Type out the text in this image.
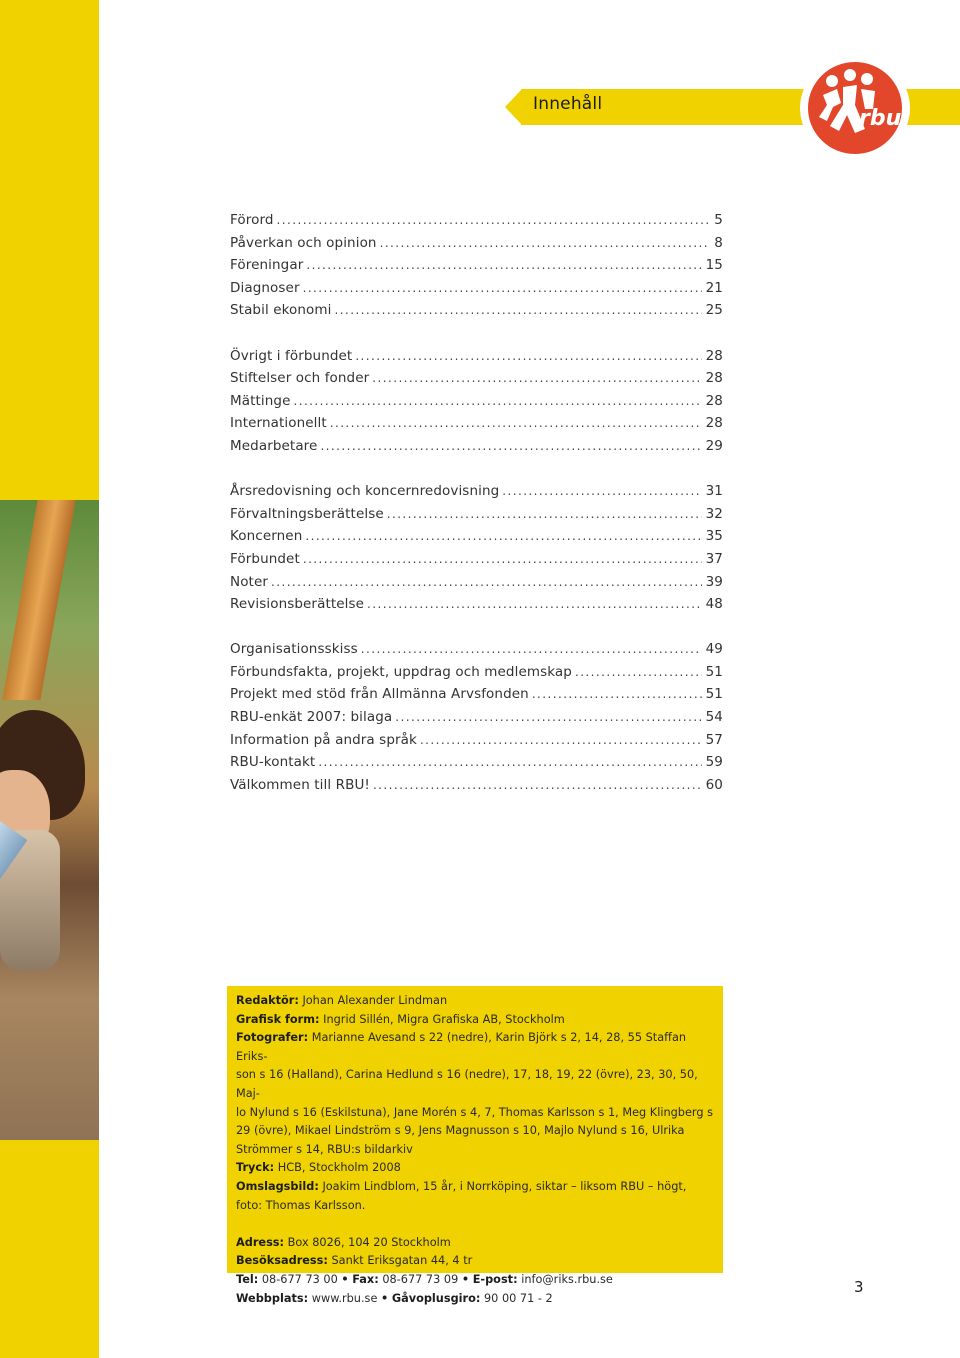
Innehåll
rbu
Förord . . .	5
Påverkan och opinion . . .	8
Föreningar . . .	15
Diagnoser . . .	21
Stabil ekonomi . . .	25
Övrigt i förbundet . . .	28
Stiftelser och fonder . . .	28
Mättinge . . .	28
Internationellt . . .	28
Medarbetare . . .	29
Årsredovisning och koncernredovisning . . .	31
Förvaltningsberättelse . . .	32
Koncernen . . .	35
Förbundet . . .	37
Noter . . .	39
Revisionsberättelse . . .	48
Organisationsskiss . . .	49
Förbundsfakta, projekt, uppdrag och medlemskap . . .	51
Projekt med stöd från Allmänna Arvsfonden . . .	51
RBU-enkät 2007: bilaga . . .	54
Information på andra språk . . .	57
RBU-kontakt . . .	59
Välkommen till RBU! . . .	60

Redaktör: Johan Alexander Lindman

Grafisk form: Ingrid Sillén, Migra Grafiska AB, Stockholm

Fotografer: Marianne Avesand s 22 (nedre), Karin Björk s 2, 14, 28, 55 Staffan Eriks-

son s 16 (Halland), Carina Hedlund s 16 (nedre), 17, 18, 19, 22 (övre), 23, 30, 50, Maj-

lo Nylund s 16 (Eskilstuna), Jane Morén s 4, 7, Thomas Karlsson s 1, Meg Klingberg s

29 (övre), Mikael Lindström s 9, Jens Magnusson s 10, Majlo Nylund s 16, Ulrika

Strömmer s 14, RBU:s bildarkiv

Tryck: HCB, Stockholm 2008

Omslagsbild: Joakim Lindblom, 15 år, i Norrköping, siktar – liksom RBU – högt,

foto: Thomas Karlsson.

Adress: Box 8026, 104 20 Stockholm

Besöksadress: Sankt Eriksgatan 44, 4 tr

Tel: 08-677 73 00 • Fax: 08-677 73 09 • E-post: info@riks.rbu.se

Webbplats: www.rbu.se • Gåvoplusgiro: 90 00 71 - 2

3
